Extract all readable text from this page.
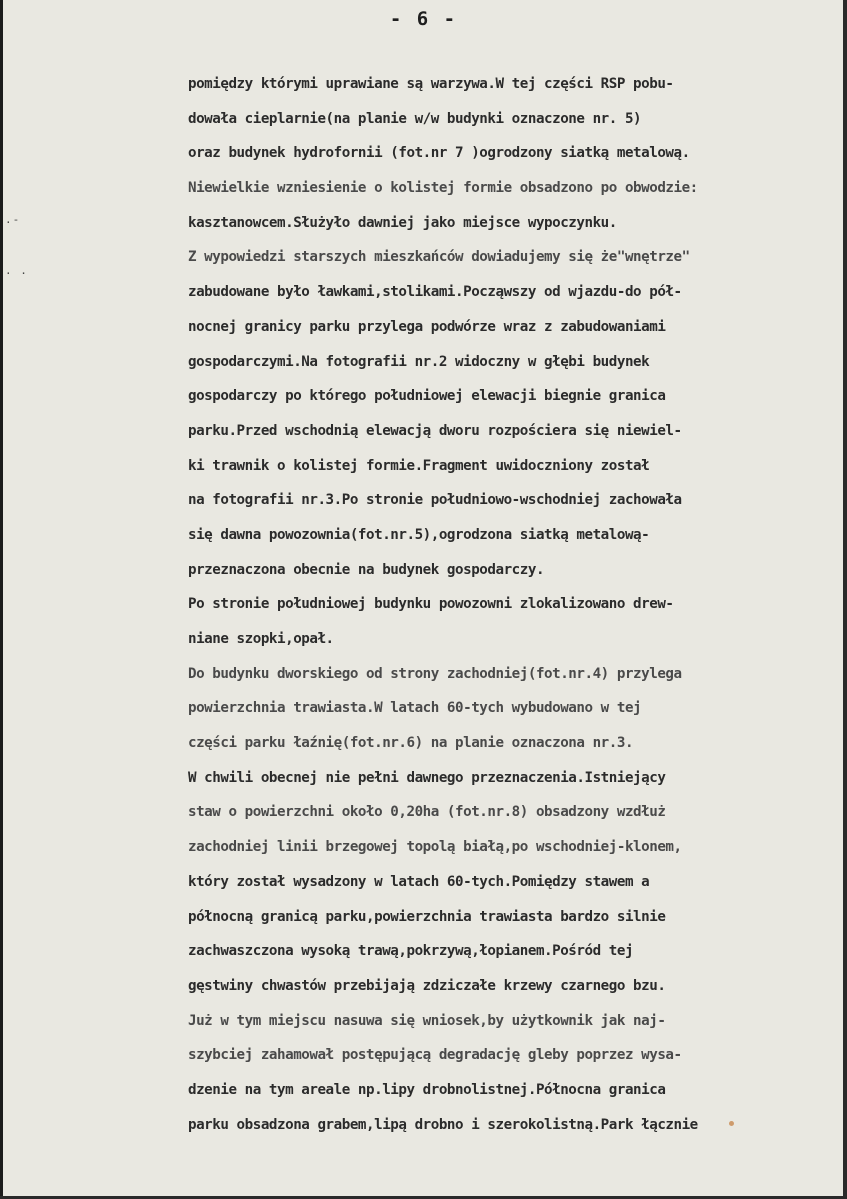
- 6 -
.-
. .
pomiędzy którymi uprawiane są warzywa.W tej części RSP pobu-
dowała cieplarnie(na planie w/w budynki oznaczone nr. 5)
oraz budynek hydrofornii (fot.nr 7 )ogrodzony siatką metalową.
Niewielkie wzniesienie o kolistej formie obsadzono po obwodzie:
kasztanowcem.Służyło dawniej jako miejsce wypoczynku.
Z wypowiedzi starszych mieszkańców dowiadujemy się że"wnętrze"
zabudowane było ławkami,stolikami.Począwszy od wjazdu-do pół-
nocnej granicy parku przylega podwórze wraz z zabudowaniami
gospodarczymi.Na fotografii nr.2 widoczny w głębi budynek
gospodarczy po którego południowej elewacji biegnie granica
parku.Przed wschodnią elewacją dworu rozpościera się niewiel-
ki trawnik o kolistej formie.Fragment uwidoczniony został
na fotografii nr.3.Po stronie południowo-wschodniej zachowała
się dawna powozownia(fot.nr.5),ogrodzona siatką metalową-
przeznaczona obecnie na budynek gospodarczy.
Po stronie południowej budynku powozowni zlokalizowano drew-
niane szopki,opał.
Do budynku dworskiego od strony zachodniej(fot.nr.4) przylega
powierzchnia trawiasta.W latach 60-tych wybudowano w tej
części parku łaźnię(fot.nr.6) na planie oznaczona nr.3.
W chwili obecnej nie pełni dawnego przeznaczenia.Istniejący
staw o powierzchni około 0,20ha (fot.nr.8) obsadzony wzdłuż
zachodniej linii brzegowej topolą białą,po wschodniej-klonem,
który został wysadzony w latach 60-tych.Pomiędzy stawem a
północną granicą parku,powierzchnia trawiasta bardzo silnie
zachwaszczona wysoką trawą,pokrzywą,łopianem.Pośród tej
gęstwiny chwastów przebijają zdziczałe krzewy czarnego bzu.
Już w tym miejscu nasuwa się wniosek,by użytkownik jak naj-
szybciej zahamował postępującą degradację gleby poprzez wysa-
dzenie na tym areale np.lipy drobnolistnej.Północna granica
parku obsadzona grabem,lipą drobno i szerokolistną.Park łącznie
